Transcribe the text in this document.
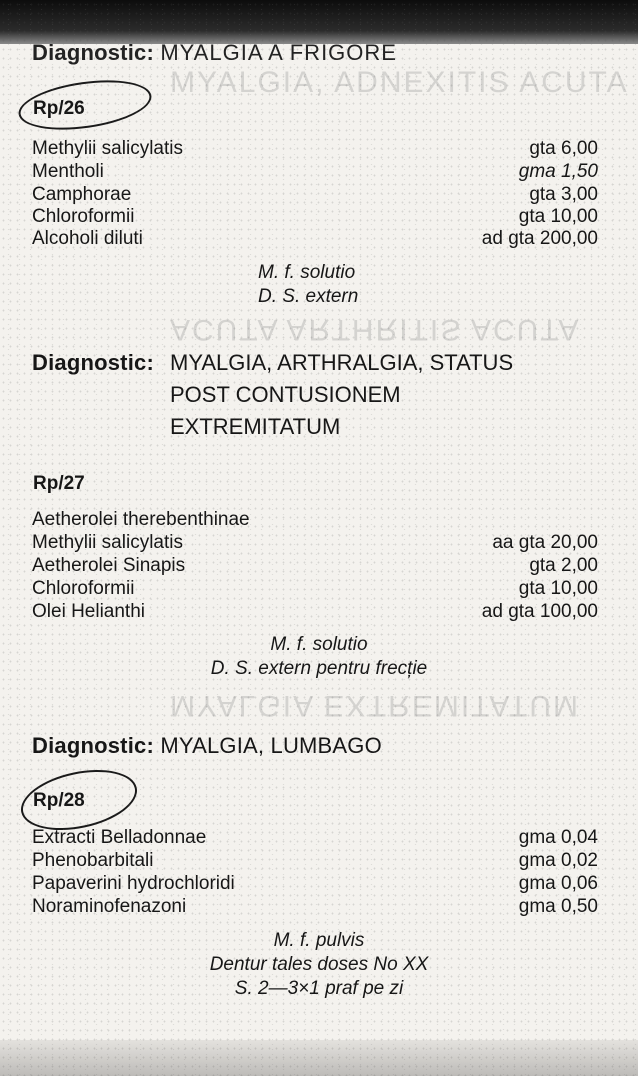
MYALGIA, ADNEXITIS ACUTA
ACUTA ARTHRITIS ACUTA
MYALGIA EXTREMITATUM
Diagnostic: MYALGIA A FRIGORE
Rp/26
Methylii salicylatis	gta 6,00
Mentholi	gma 1,50
Camphorae	gta 3,00
Chloroformii	gta 10,00
Alcoholi diluti	ad gta 200,00
M. f. solutio
D. S. extern
Diagnostic: MYALGIA, ARTHRALGIA, STATUS
POST CONTUSIONEM
EXTREMITATUM
Rp/27
Aetherolei therebenthinae
Methylii salicylatis	aa gta 20,00
Aetherolei Sinapis	gta 2,00
Chloroformii	gta 10,00
Olei Helianthi	ad gta 100,00
M. f. solutio
D. S. extern pentru frecție
Diagnostic: MYALGIA, LUMBAGO
Rp/28
Extracti Belladonnae	gma 0,04
Phenobarbitali	gma 0,02
Papaverini hydrochloridi	gma 0,06
Noraminofenazoni	gma 0,50
M. f. pulvis
Dentur tales doses No XX
S. 2—3×1 praf pe zi
